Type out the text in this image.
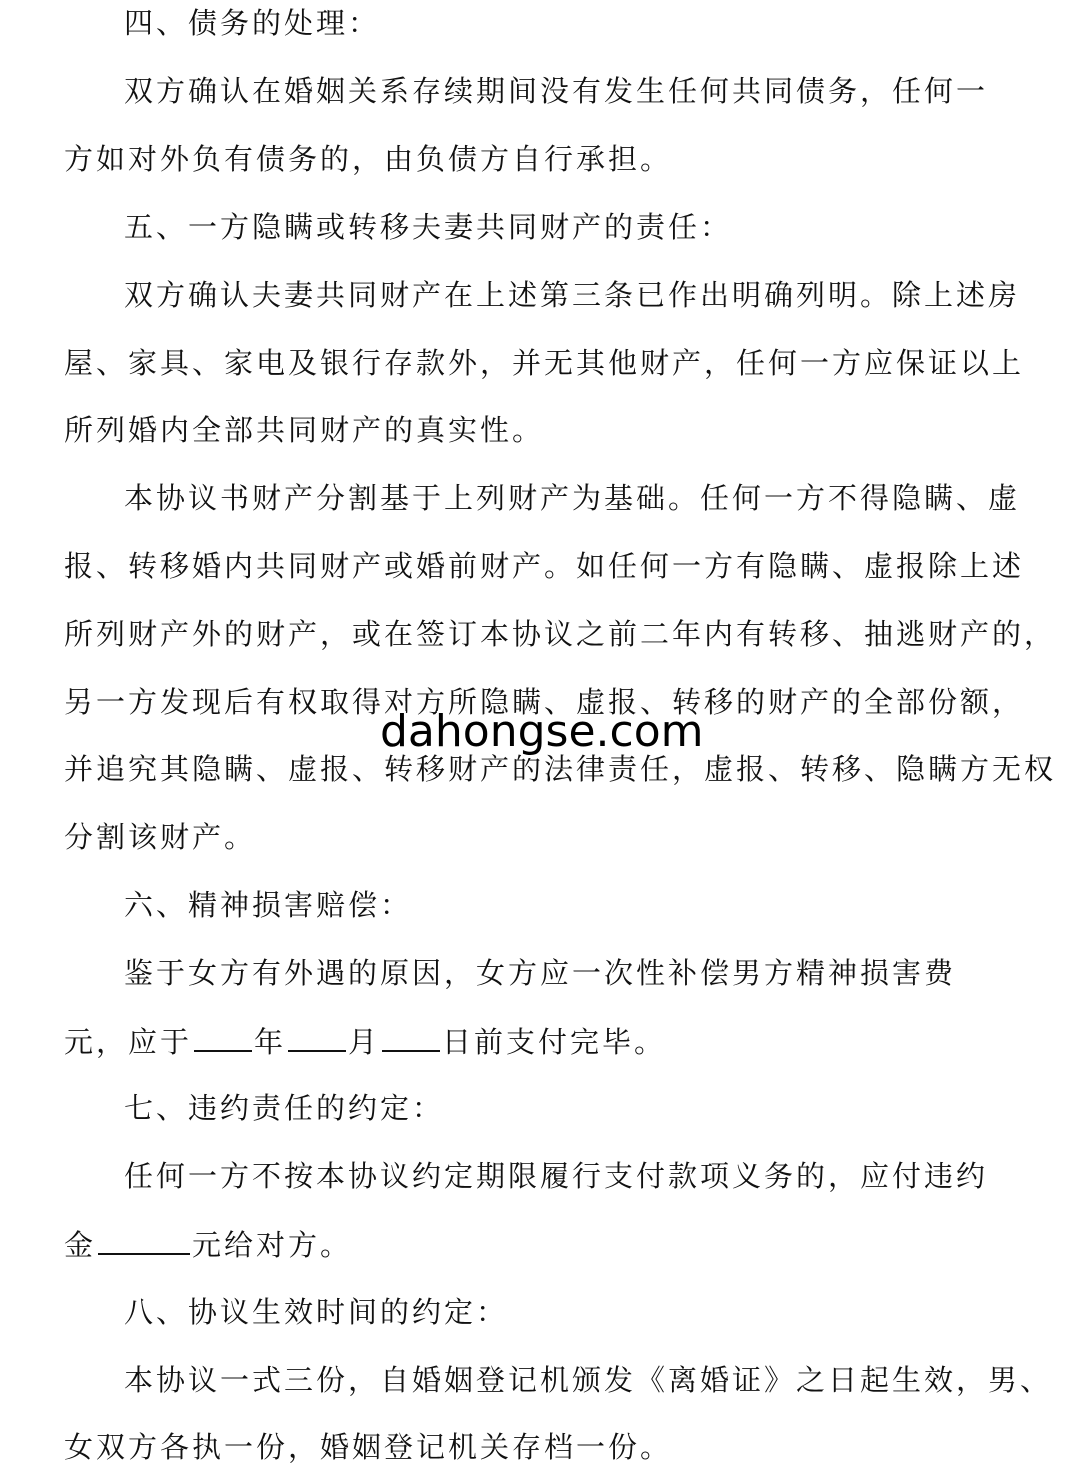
四、债务的处理：
双方确认在婚姻关系存续期间没有发生任何共同债务，任何一
方如对外负有债务的，由负债方自行承担。
五、一方隐瞒或转移夫妻共同财产的责任：
双方确认夫妻共同财产在上述第三条已作出明确列明。除上述房
屋、家具、家电及银行存款外，并无其他财产，任何一方应保证以上
所列婚内全部共同财产的真实性。
本协议书财产分割基于上列财产为基础。任何一方不得隐瞒、虚
报、转移婚内共同财产或婚前财产。如任何一方有隐瞒、虚报除上述
所列财产外的财产，或在签订本协议之前二年内有转移、抽逃财产的，
另一方发现后有权取得对方所隐瞒、虚报、转移的财产的全部份额，
并追究其隐瞒、虚报、转移财产的法律责任，虚报、转移、隐瞒方无权
分割该财产。
六、精神损害赔偿：
鉴于女方有外遇的原因，女方应一次性补偿男方精神损害费
元，应于 年 月 日前支付完毕。
七、违约责任的约定：
任何一方不按本协议约定期限履行支付款项义务的，应付违约
金	元给对方。
八、协议生效时间的约定：
本协议一式三份，自婚姻登记机颁发《离婚证》之日起生效，男、
女双方各执一份，婚姻登记机关存档一份。
dahongse.com
